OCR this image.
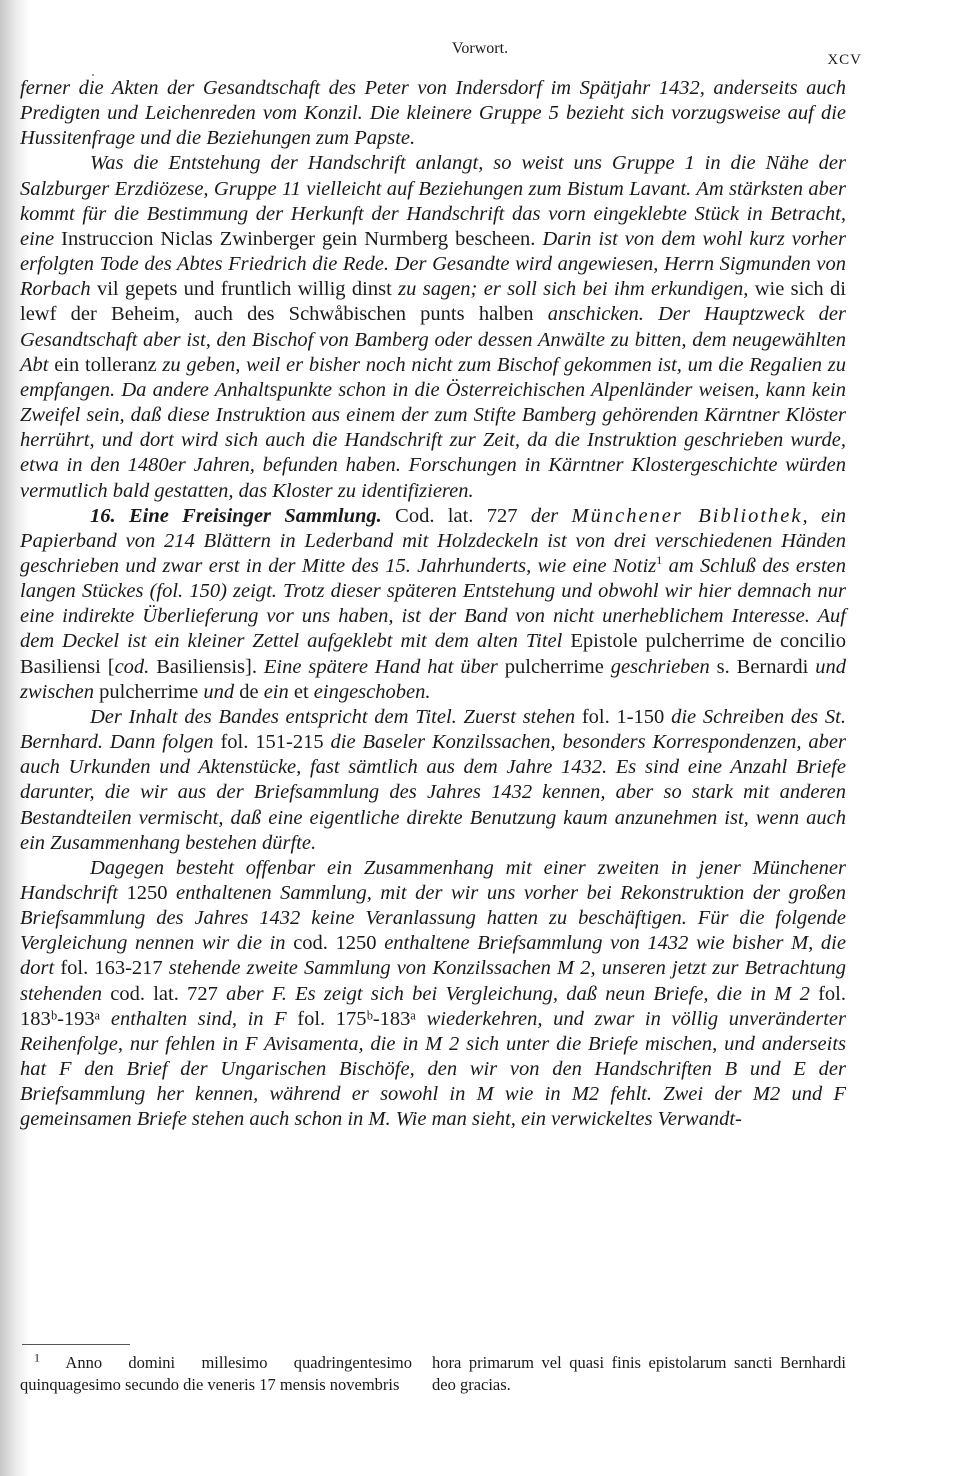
Vorwort.
XCV

ferner die Akten der Gesandtschaft des Peter von Indersdorf im Spätjahr 1432, anderseits auch Predigten und Leichenreden vom Konzil. Die kleinere Gruppe 5 bezieht sich vorzugsweise auf die Hussitenfrage und die Beziehungen zum Papste.

Was die Entstehung der Handschrift anlangt, so weist uns Gruppe 1 in die Nähe der Salzburger Erzdiözese, Gruppe 11 vielleicht auf Beziehungen zum Bistum Lavant. Am stärksten aber kommt für die Bestimmung der Herkunft der Handschrift das vorn eingeklebte Stück in Betracht, eine Instruccion Niclas Zwinberger gein Nurmberg bescheen. Darin ist von dem wohl kurz vorher erfolgten Tode des Abtes Friedrich die Rede. Der Gesandte wird angewiesen, Herrn Sigmunden von Rorbach vil gepets und fruntlich willig dinst zu sagen; er soll sich bei ihm erkundigen, wie sich di lewf der Beheim, auch des Schwåbischen punts halben anschicken. Der Hauptzweck der Gesandtschaft aber ist, den Bischof von Bamberg oder dessen Anwälte zu bitten, dem neugewählten Abt ein tolleranz zu geben, weil er bisher noch nicht zum Bischof gekommen ist, um die Regalien zu empfangen. Da andere Anhaltspunkte schon in die Österreichischen Alpenländer weisen, kann kein Zweifel sein, daß diese Instruktion aus einem der zum Stifte Bamberg gehörenden Kärntner Klöster herrührt, und dort wird sich auch die Handschrift zur Zeit, da die Instruktion geschrieben wurde, etwa in den 1480er Jahren, befunden haben. Forschungen in Kärntner Klostergeschichte würden vermutlich bald gestatten, das Kloster zu identifizieren.

16. Eine Freisinger Sammlung. Cod. lat. 727 der Münchener Bibliothek, ein Papierband von 214 Blättern in Lederband mit Holzdeckeln ist von drei verschiedenen Händen geschrieben und zwar erst in der Mitte des 15. Jahrhunderts, wie eine Notiz$^1$ am Schluß des ersten langen Stückes (fol. 150) zeigt. Trotz dieser späteren Entstehung und obwohl wir hier demnach nur eine indirekte Überlieferung vor uns haben, ist der Band von nicht unerheblichem Interesse. Auf dem Deckel ist ein kleiner Zettel aufgeklebt mit dem alten Titel Epistole pulcherrime de concilio Basiliensi [cod. Basiliensis]. Eine spätere Hand hat über pulcherrime geschrieben s. Bernardi und zwischen pulcherrime und de ein et eingeschoben.

Der Inhalt des Bandes entspricht dem Titel. Zuerst stehen fol. 1-150 die Schreiben des St. Bernhard. Dann folgen fol. 151-215 die Baseler Konzilssachen, besonders Korrespondenzen, aber auch Urkunden und Aktenstücke, fast sämtlich aus dem Jahre 1432. Es sind eine Anzahl Briefe darunter, die wir aus der Briefsammlung des Jahres 1432 kennen, aber so stark mit anderen Bestandteilen vermischt, daß eine eigentliche direkte Benutzung kaum anzunehmen ist, wenn auch ein Zusammenhang bestehen dürfte.

Dagegen besteht offenbar ein Zusammenhang mit einer zweiten in jener Münchener Handschrift 1250 enthaltenen Sammlung, mit der wir uns vorher bei Rekonstruktion der großen Briefsammlung des Jahres 1432 keine Veranlassung hatten zu beschäftigen. Für die folgende Vergleichung nennen wir die in cod. 1250 enthaltene Briefsammlung von 1432 wie bisher M, die dort fol. 163-217 stehende zweite Sammlung von Konzilssachen M 2, unseren jetzt zur Betrachtung stehenden cod. lat. 727 aber F. Es zeigt sich bei Vergleichung, daß neun Briefe, die in M 2 fol. 183ᵇ-193ᵃ enthalten sind, in F fol. 175ᵇ-183ᵃ wiederkehren, und zwar in völlig unveränderter Reihenfolge, nur fehlen in F Avisamenta, die in M 2 sich unter die Briefe mischen, und anderseits hat F den Brief der Ungarischen Bischöfe, den wir von den Handschriften B und E der Briefsammlung her kennen, während er sowohl in M wie in M2 fehlt. Zwei der M2 und F gemeinsamen Briefe stehen auch schon in M. Wie man sieht, ein verwickeltes Verwandt-

$^1$ Anno domini millesimo quadringentesimo quinquagesimo secundo die veneris 17 mensis novembris
hora primarum vel quasi finis epistolarum sancti Bernhardi deo gracias.
